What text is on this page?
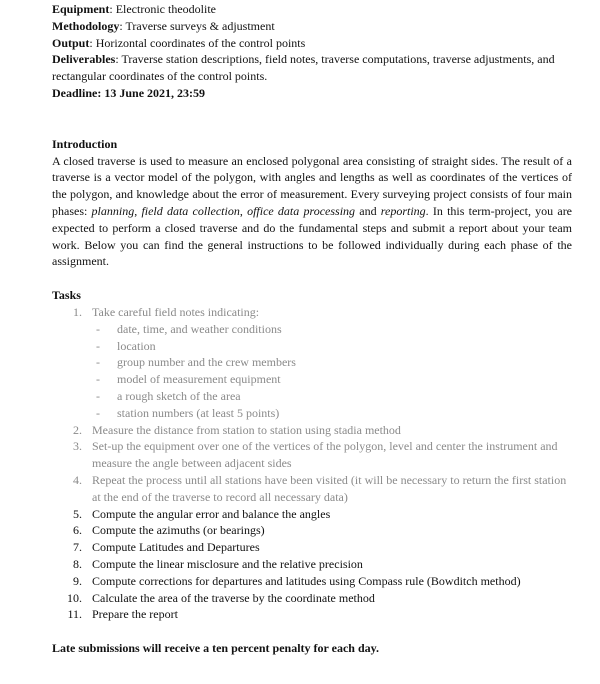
Equipment: Electronic theodolite

Methodology: Traverse surveys & adjustment

Output: Horizontal coordinates of the control points

Deliverables: Traverse station descriptions, field notes, traverse computations, traverse adjustments, and rectangular coordinates of the control points.

Deadline: 13 June 2021, 23:59

Introduction

A closed traverse is used to measure an enclosed polygonal area consisting of straight sides. The result of a traverse is a vector model of the polygon, with angles and lengths as well as coordinates of the vertices of the polygon, and knowledge about the error of measurement. Every surveying project consists of four main phases: planning, field data collection, office data processing and reporting. In this term-project, you are expected to perform a closed traverse and do the fundamental steps and submit a report about your team work. Below you can find the general instructions to be followed individually during each phase of the assignment.

Tasks

1. Take careful field notes indicating:
- date, time, and weather conditions
- location
- group number and the crew members
- model of measurement equipment
- a rough sketch of the area
- station numbers (at least 5 points)
2. Measure the distance from station to station using stadia method
3. Set-up the equipment over one of the vertices of the polygon, level and center the instrument and measure the angle between adjacent sides
4. Repeat the process until all stations have been visited (it will be necessary to return the first station at the end of the traverse to record all necessary data)
5. Compute the angular error and balance the angles
6. Compute the azimuths (or bearings)
7. Compute Latitudes and Departures
8. Compute the linear misclosure and the relative precision
9. Compute corrections for departures and latitudes using Compass rule (Bowditch method)
10. Calculate the area of the traverse by the coordinate method
11. Prepare the report

Late submissions will receive a ten percent penalty for each day.
